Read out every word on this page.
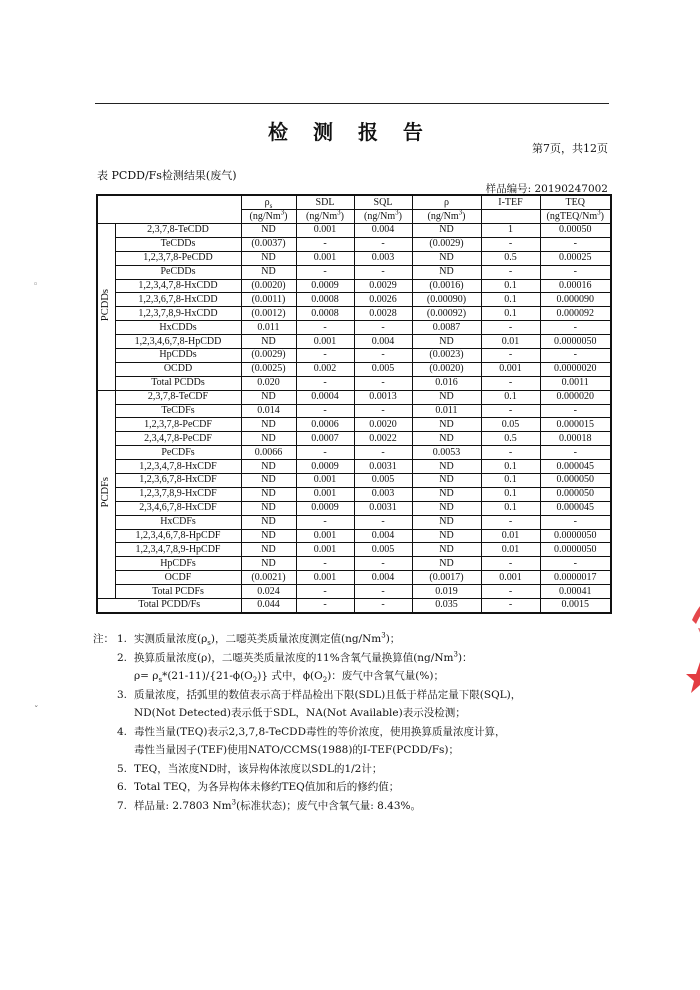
检 测 报 告
第7页，共12页
表 PCDD/Fs检测结果(废气)
样品编号: 20190247002
◦
ˇ
		$\rho_s$	SDL	SQL	ρ	I-TEF	TEQ
		(ng/Nm$^3$)	(ng/Nm$^3$)	(ng/Nm$^3$)	(ng/Nm$^3$)		(ngTEQ/Nm$^3$)
PCDDs	2,3,7,8-TeCDD	ND	0.001	0.004	ND	1	0.00050
	TeCDDs	(0.0037)	-	-	(0.0029)	-	-
	1,2,3,7,8-PeCDD	ND	0.001	0.003	ND	0.5	0.00025
	PeCDDs	ND	-	-	ND	-	-
	1,2,3,4,7,8-HxCDD	(0.0020)	0.0009	0.0029	(0.0016)	0.1	0.00016
	1,2,3,6,7,8-HxCDD	(0.0011)	0.0008	0.0026	(0.00090)	0.1	0.000090
	1,2,3,7,8,9-HxCDD	(0.0012)	0.0008	0.0028	(0.00092)	0.1	0.000092
	HxCDDs	0.011	-	-	0.0087	-	-
	1,2,3,4,6,7,8-HpCDD	ND	0.001	0.004	ND	0.01	0.0000050
	HpCDDs	(0.0029)	-	-	(0.0023)	-	-
	OCDD	(0.0025)	0.002	0.005	(0.0020)	0.001	0.0000020
	Total PCDDs	0.020	-	-	0.016	-	0.0011
PCDFs	2,3,7,8-TeCDF	ND	0.0004	0.0013	ND	0.1	0.000020
	TeCDFs	0.014	-	-	0.011	-	-
	1,2,3,7,8-PeCDF	ND	0.0006	0.0020	ND	0.05	0.000015
	2,3,4,7,8-PeCDF	ND	0.0007	0.0022	ND	0.5	0.00018
	PeCDFs	0.0066	-	-	0.0053	-	-
	1,2,3,4,7,8-HxCDF	ND	0.0009	0.0031	ND	0.1	0.000045
	1,2,3,6,7,8-HxCDF	ND	0.001	0.005	ND	0.1	0.000050
	1,2,3,7,8,9-HxCDF	ND	0.001	0.003	ND	0.1	0.000050
	2,3,4,6,7,8-HxCDF	ND	0.0009	0.0031	ND	0.1	0.000045
	HxCDFs	ND	-	-	ND	-	-
	1,2,3,4,6,7,8-HpCDF	ND	0.001	0.004	ND	0.01	0.0000050
	1,2,3,4,7,8,9-HpCDF	ND	0.001	0.005	ND	0.01	0.0000050
	HpCDFs	ND	-	-	ND	-	-
	OCDF	(0.0021)	0.001	0.004	(0.0017)	0.001	0.0000017
	Total PCDFs	0.024	-	-	0.019	-	0.00041
Total PCDD/Fs		0.044	-	-	0.035	-	0.0015
注： 1. 实测质量浓度$(\rho_s)$，二噁英类质量浓度测定值(ng/Nm$^3$)；
2. 换算质量浓度(ρ)，二噁英类质量浓度的11%含氧气量换算值(ng/Nm$^3$)：
$\rho= \rho_s*(21-11)/\{21-\phi(O_2)\}$ 式中，$\phi(O_2)$：废气中含氧气量(%)；
3. 质量浓度，括弧里的数值表示高于样品检出下限(SDL)且低于样品定量下限(SQL)，
ND(Not Detected)表示低于SDL，NA(Not Available)表示没检测；
4. 毒性当量(TEQ)表示2,3,7,8-TeCDD毒性的等价浓度，使用换算质量浓度计算，
毒性当量因子(TEF)使用NATO/CCMS(1988)的I-TEF(PCDD/Fs)；
5. TEQ，当浓度ND时，该异构体浓度以SDL的1/2计；
6. Total TEQ，为各异构体未修约TEQ值加和后的修约值；
7. 样品量: 2.7803 Nm$^3$(标准状态)；废气中含氧气量: 8.43%。
